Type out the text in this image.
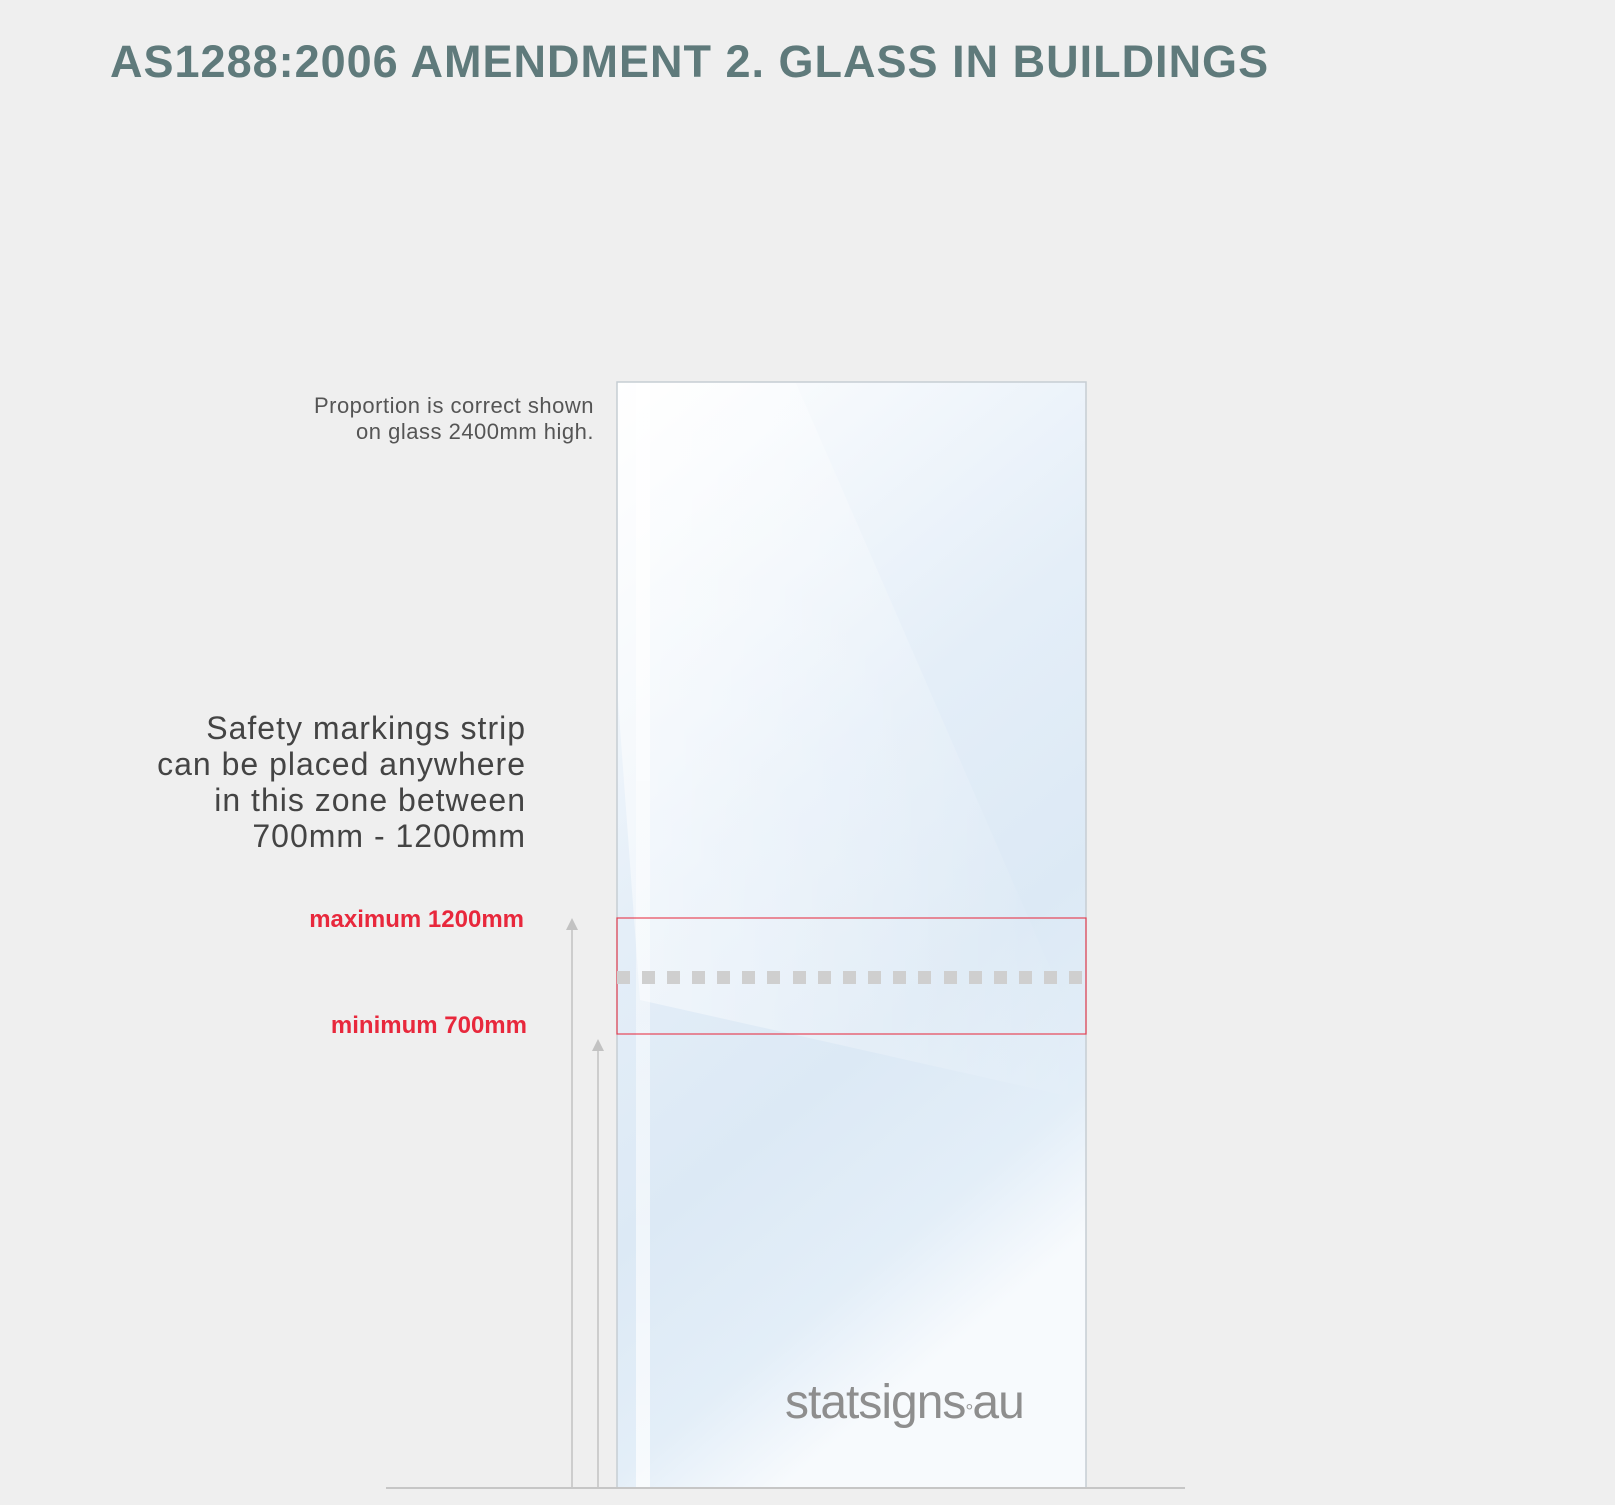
AS1288:2006 AMENDMENT 2. GLASS IN BUILDINGS
Proportion is correct shown
on glass 2400mm high.
Safety markings strip
can be placed anywhere
in this zone between
700mm - 1200mm
maximum 1200mm
minimum 700mm
statsigns°au
